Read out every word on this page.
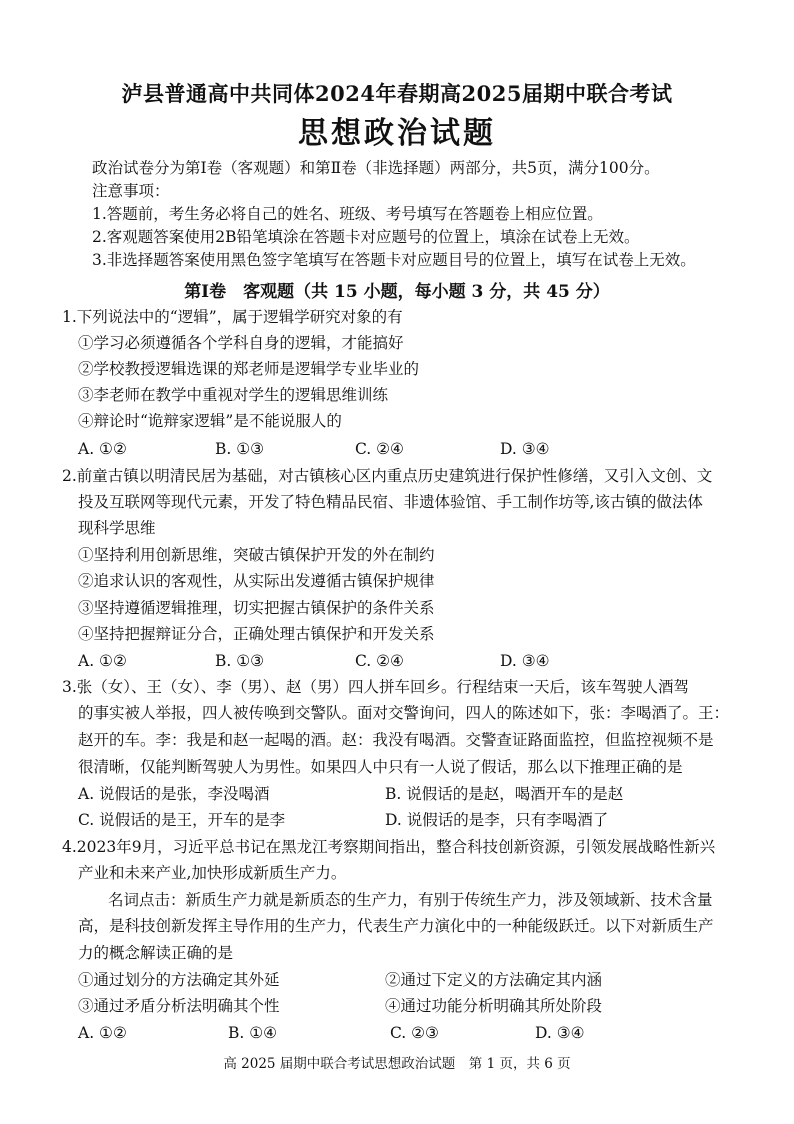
泸县普通高中共同体2024年春期高2025届期中联合考试
思想政治试题
政治试卷分为第Ⅰ卷（客观题）和第Ⅱ卷（非选择题）两部分，共5页，满分100分。
注意事项：
1.答题前，考生务必将自己的姓名、班级、考号填写在答题卷上相应位置。
2.客观题答案使用2B铅笔填涂在答题卡对应题号的位置上，填涂在试卷上无效。
3.非选择题答案使用黑色签字笔填写在答题卡对应题目号的位置上，填写在试卷上无效。
第Ⅰ卷　客观题（共 15 小题，每小题 3 分，共 45 分）
1.下列说法中的“逻辑”，属于逻辑学研究对象的有
①学习必须遵循各个学科自身的逻辑，才能搞好
②学校教授逻辑选课的郑老师是逻辑学专业毕业的
③李老师在教学中重视对学生的逻辑思维训练
④辩论时“诡辩家逻辑”是不能说服人的
A. ①②	B. ①③	C. ②④	D. ③④
2.前童古镇以明清民居为基础，对古镇核心区内重点历史建筑进行保护性修缮，又引入文创、文
投及互联网等现代元素，开发了特色精品民宿、非遗体验馆、手工制作坊等,该古镇的做法体
现科学思维
①坚持利用创新思维，突破古镇保护开发的外在制约
②追求认识的客观性，从实际出发遵循古镇保护规律
③坚持遵循逻辑推理，切实把握古镇保护的条件关系
④坚持把握辩证分合，正确处理古镇保护和开发关系
A. ①②	B. ①③	C. ②④	D. ③④
3.张（女）、王（女）、李（男）、赵（男）四人拼车回乡。行程结束一天后，该车驾驶人酒驾
的事实被人举报，四人被传唤到交警队。面对交警询问，四人的陈述如下，张：李喝酒了。王：
赵开的车。李：我是和赵一起喝的酒。赵：我没有喝酒。交警查证路面监控，但监控视频不是
很清晰，仅能判断驾驶人为男性。如果四人中只有一人说了假话，那么以下推理正确的是
A. 说假话的是张，李没喝酒	B. 说假话的是赵，喝酒开车的是赵
C. 说假话的是王，开车的是李	D. 说假话的是李，只有李喝酒了
4.2023年9月，习近平总书记在黑龙江考察期间指出，整合科技创新资源，引领发展战略性新兴
产业和未来产业,加快形成新质生产力。
名词点击：新质生产力就是新质态的生产力，有别于传统生产力，涉及领域新、技术含量
高，是科技创新发挥主导作用的生产力，代表生产力演化中的一种能级跃迁。以下对新质生产
力的概念解读正确的是
①通过划分的方法确定其外延	②通过下定义的方法确定其内涵
③通过矛盾分析法明确其个性	④通过功能分析明确其所处阶段
A. ①②	B. ①④	C. ②③	D. ③④
高 2025 届期中联合考试思想政治试题　第 1 页，共 6 页
